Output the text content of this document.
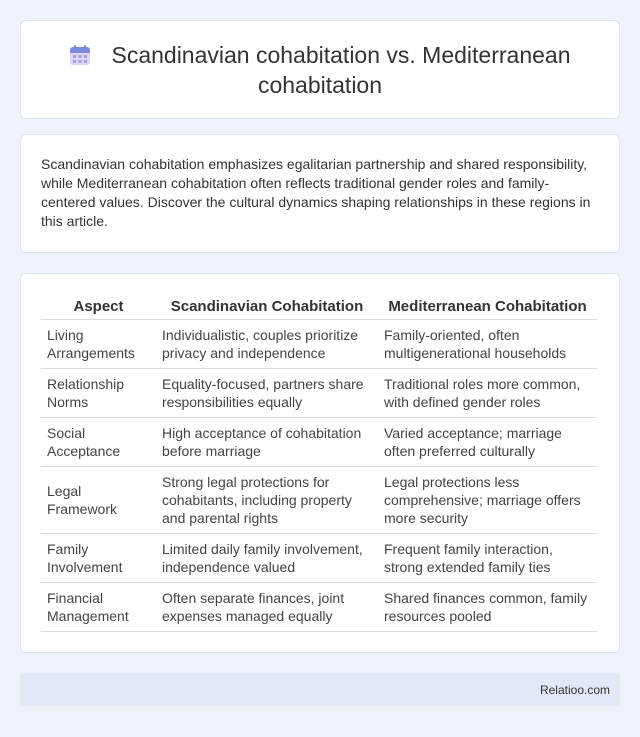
Scandinavian cohabitation vs. Mediterranean cohabitation

Scandinavian cohabitation emphasizes egalitarian partnership and shared responsibility, while Mediterranean cohabitation often reflects traditional gender roles and family-centered values. Discover the cultural dynamics shaping relationships in these regions in this article.

Aspect	Scandinavian Cohabitation	Mediterranean Cohabitation
Living Arrangements	Individualistic, couples prioritize privacy and independence	Family-oriented, often multigenerational households
Relationship Norms	Equality-focused, partners share responsibilities equally	Traditional roles more common, with defined gender roles
Social Acceptance	High acceptance of cohabitation before marriage	Varied acceptance; marriage often preferred culturally
Legal Framework	Strong legal protections for cohabitants, including property and parental rights	Legal protections less comprehensive; marriage offers more security
Family Involvement	Limited daily family involvement, independence valued	Frequent family interaction, strong extended family ties
Financial Management	Often separate finances, joint expenses managed equally	Shared finances common, family resources pooled
Relatioo.com
